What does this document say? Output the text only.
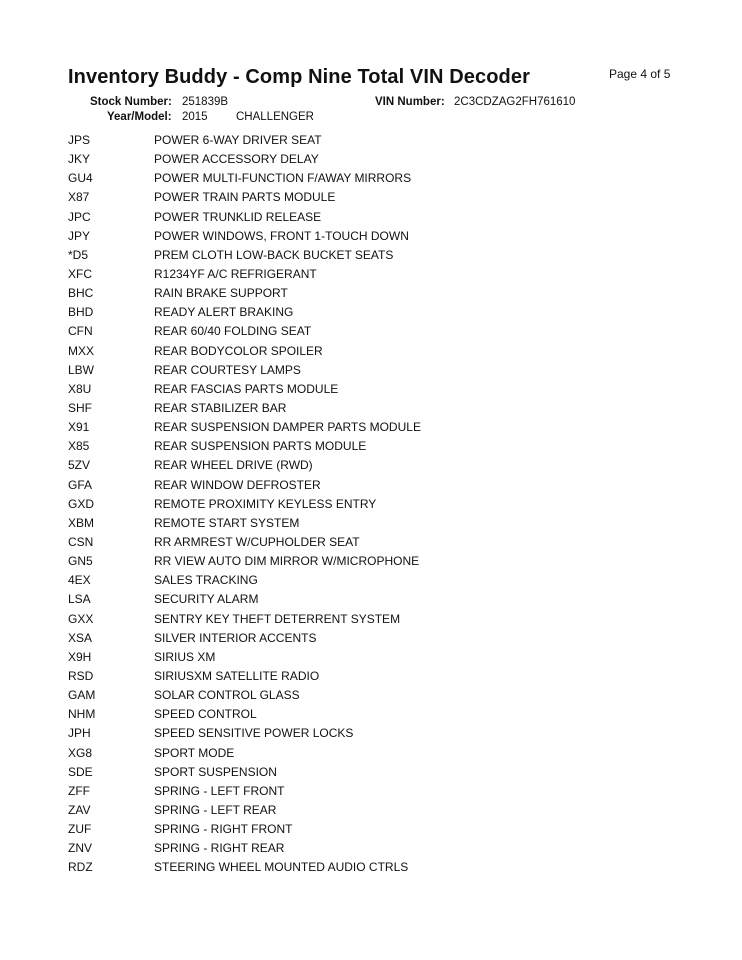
Inventory Buddy - Comp Nine Total VIN Decoder	Page 4 of 5
Stock Number: 251839B	VIN Number: 2C3CDZAG2FH761610
Year/Model: 2015 CHALLENGER
JPS	POWER 6-WAY DRIVER SEAT
JKY	POWER ACCESSORY DELAY
GU4	POWER MULTI-FUNCTION F/AWAY MIRRORS
X87	POWER TRAIN PARTS MODULE
JPC	POWER TRUNKLID RELEASE
JPY	POWER WINDOWS, FRONT 1-TOUCH DOWN
*D5	PREM CLOTH LOW-BACK BUCKET SEATS
XFC	R1234YF A/C REFRIGERANT
BHC	RAIN BRAKE SUPPORT
BHD	READY ALERT BRAKING
CFN	REAR 60/40 FOLDING SEAT
MXX	REAR BODYCOLOR SPOILER
LBW	REAR COURTESY LAMPS
X8U	REAR FASCIAS PARTS MODULE
SHF	REAR STABILIZER BAR
X91	REAR SUSPENSION DAMPER PARTS MODULE
X85	REAR SUSPENSION PARTS MODULE
5ZV	REAR WHEEL DRIVE (RWD)
GFA	REAR WINDOW DEFROSTER
GXD	REMOTE PROXIMITY KEYLESS ENTRY
XBM	REMOTE START SYSTEM
CSN	RR ARMREST W/CUPHOLDER SEAT
GN5	RR VIEW AUTO DIM MIRROR W/MICROPHONE
4EX	SALES TRACKING
LSA	SECURITY ALARM
GXX	SENTRY KEY THEFT DETERRENT SYSTEM
XSA	SILVER INTERIOR ACCENTS
X9H	SIRIUS XM
RSD	SIRIUSXM SATELLITE RADIO
GAM	SOLAR CONTROL GLASS
NHM	SPEED CONTROL
JPH	SPEED SENSITIVE POWER LOCKS
XG8	SPORT MODE
SDE	SPORT SUSPENSION
ZFF	SPRING - LEFT FRONT
ZAV	SPRING - LEFT REAR
ZUF	SPRING - RIGHT FRONT
ZNV	SPRING - RIGHT REAR
RDZ	STEERING WHEEL MOUNTED AUDIO CTRLS
